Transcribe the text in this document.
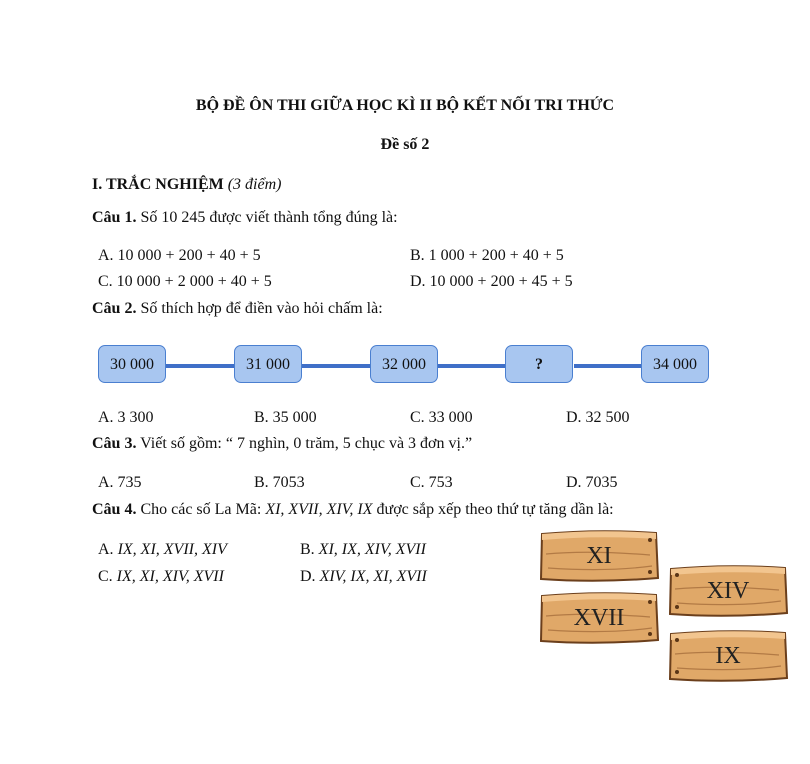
BỘ ĐỀ ÔN THI GIỮA HỌC KÌ II BỘ KẾT NỐI TRI THỨC
Đề số 2
I. TRẮC NGHIỆM (3 điểm)
Câu 1. Số 10 245 được viết thành tổng đúng là:
A. 10 000 + 200 + 40 + 5	B. 1 000 + 200 + 40 + 5
C. 10 000 + 2 000 + 40 + 5	D. 10 000 + 200 + 45 + 5
Câu 2. Số thích hợp để điền vào hỏi chấm là:
30 000	31 000	32 000	?	34 000
A. 3 300	B. 35 000	C. 33 000	D. 32 500
Câu 3. Viết số gồm: “ 7 nghìn, 0 trăm, 5 chục và 3 đơn vị.”
A. 735	B. 7053	C. 753	D. 7035
Câu 4. Cho các số La Mã: XI, XVII, XIV, IX được sắp xếp theo thứ tự tăng dần là:
A. IX, XI, XVII, XIV	B. XI, IX, XIV, XVII
C. IX, XI, XIV, XVII	D. XIV, IX, XI, XVII
XI
XIV
XVII
IX
